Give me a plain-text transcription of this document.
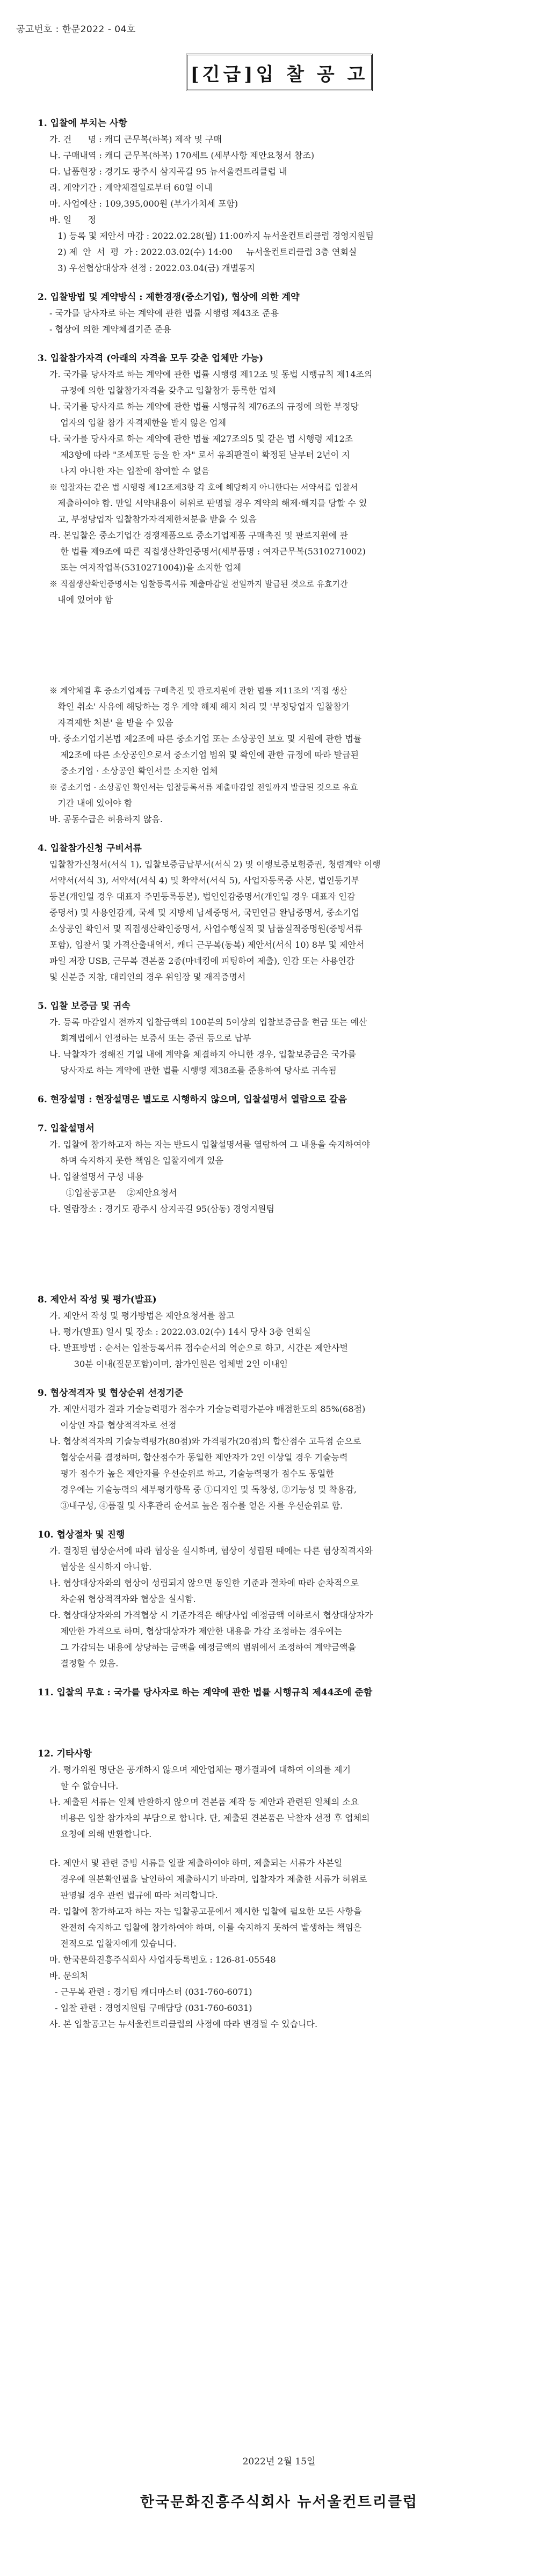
공고번호 : 한문2022 - 04호
[긴급]입 찰 공 고
1. 입찰에 부치는 사항
가. 건      명 : 캐디 근무복(하복) 제작 및 구매
나. 구매내역 : 캐디 근무복(하복) 170세트 (세부사항 제안요청서 참조)
다. 납품현장 : 경기도 광주시 삼지곡길 95 뉴서울컨트리클럽 내
라. 계약기간 : 계약체결일로부터 60일 이내
마. 사업예산 : 109,395,000원 (부가가치세 포함)
바. 일      정
1) 등록 및 제안서 마감 : 2022.02.28(월) 11:00까지 뉴서울컨트리클럽 경영지원팀
2) 제  안  서  평  가 : 2022.03.02(수) 14:00     뉴서울컨트리클럽 3층 연회실
3) 우선협상대상자 선정 : 2022.03.04(금) 개별통지
2. 입찰방법 및 계약방식 : 제한경쟁(중소기업), 협상에 의한 계약
- 국가를 당사자로 하는 계약에 관한 법률 시행령 제43조 준용
- 협상에 의한 계약체결기준 준용
3. 입찰참가자격 (아래의 자격을 모두 갖춘 업체만 가능)
가. 국가를 당사자로 하는 계약에 관한 법률 시행령 제12조 및 동법 시행규칙 제14조의
규정에 의한 입찰참가자격을 갖추고 입찰참가 등록한 업체
나. 국가를 당사자로 하는 계약에 관한 법률 시행규칙 제76조의 규정에 의한 부정당
업자의 입찰 참가 자격제한을 받지 않은 업체
다. 국가를 당사자로 하는 계약에 관한 법률 제27조의5 및 같은 법 시행령 제12조
제3항에 따라 "조세포탈 등을 한 자" 로서 유죄판결이 확정된 날부터 2년이 지
나지 아니한 자는 입찰에 참여할 수 없음
※ 입찰자는 같은 법 시행령 제12조제3항 각 호에 해당하지 아니한다는 서약서를 입찰서
제출하여야 함. 만일 서약내용이 허위로 판명될 경우 계약의 해제·해지를 당할 수 있
고, 부정당업자 입찰참가자격제한처분을 받을 수 있음
라. 본입찰은 중소기업간 경쟁제품으로 중소기업제품 구매촉진 및 판로지원에 관
한 법률 제9조에 따른 직접생산확인증명서(세부품명 : 여자근무복(5310271002)
또는 여자작업복(5310271004))을 소지한 업체
※ 직접생산확인증명서는 입찰등록서류 제출마감일 전일까지 발급된 것으로 유효기간
내에 있어야 함
※ 계약체결 후 중소기업제품 구매촉진 및 판로지원에 관한 법률 제11조의 '직접 생산
확인 취소' 사유에 해당하는 경우 계약 해제 해지 처리 및 '부정당업자 입찰참가
자격제한 처분' 을 받을 수 있음
마. 중소기업기본법 제2조에 따른 중소기업 또는 소상공인 보호 및 지원에 관한 법률
제2조에 따른 소상공인으로서 중소기업 범위 및 확인에 관한 규정에 따라 발급된
중소기업 · 소상공인 확인서를 소지한 업체
※ 중소기업 · 소상공인 확인서는 입찰등록서류 제출마감일 전일까지 발급된 것으로 유효
기간 내에 있어야 함
바. 공동수급은 허용하지 않음.
4. 입찰참가신청 구비서류
입찰참가신청서(서식 1), 입찰보증금납부서(서식 2) 및 이행보증보험증권, 청렴계약 이행
서약서(서식 3), 서약서(서식 4) 및 확약서(서식 5), 사업자등록증 사본, 법인등기부
등본(개인일 경우 대표자 주민등록등본), 법인인감증명서(개인일 경우 대표자 인감
증명서) 및 사용인감계, 국세 및 지방세 납세증명서, 국민연금 완납증명서, 중소기업
소상공인 확인서 및 직접생산확인증명서, 사업수행실적 및 납품실적증명원(증빙서류
포함), 입찰서 및 가격산출내역서, 캐디 근무복(동복) 제안서(서식 10) 8부 및 제안서
파일 저장 USB, 근무복 견본품 2종(마네킹에 피팅하여 제출), 인감 또는 사용인감
및 신분증 지참, 대리인의 경우 위임장 및 재직증명서
5. 입찰 보증금 및 귀속
가. 등록 마감일시 전까지 입찰금액의 100분의 5이상의 입찰보증금을 현금 또는 예산
회계법에서 인정하는 보증서 또는 증권 등으로 납부
나. 낙찰자가 정해진 기일 내에 계약을 체결하지 아니한 경우, 입찰보증금은 국가를
당사자로 하는 계약에 관한 법률 시행령 제38조를 준용하여 당사로 귀속됨
6. 현장설명 : 현장설명은 별도로 시행하지 않으며, 입찰설명서 열람으로 갈음
7. 입찰설명서
가. 입찰에 참가하고자 하는 자는 반드시 입찰설명서를 열람하여 그 내용을 숙지하여야
하며 숙지하지 못한 책임은 입찰자에게 있음
나. 입찰설명서 구성 내용
①입찰공고문    ②제안요청서
다. 열람장소 : 경기도 광주시 삼지곡길 95(삼동) 경영지원팀
8. 제안서 작성 및 평가(발표)
가. 제안서 작성 및 평가방법은 제안요청서를 참고
나. 평가(발표) 일시 및 장소 : 2022.03.02(수) 14시 당사 3층 연회실
다. 발표방법 : 순서는 입찰등록서류 접수순서의 역순으로 하고, 시간은 제안사별
30분 이내(질문포함)이며, 참가인원은 업체별 2인 이내임
9. 협상적격자 및 협상순위 선정기준
가. 제안서평가 결과 기술능력평가 점수가 기술능력평가분야 배점한도의 85%(68점)
이상인 자를 협상적격자로 선정
나. 협상적격자의 기술능력평가(80점)와 가격평가(20점)의 합산점수 고득점 순으로
협상순서를 결정하며, 합산점수가 동일한 제안자가 2인 이상일 경우 기술능력
평가 점수가 높은 제안자를 우선순위로 하고, 기술능력평가 점수도 동일한
경우에는 기술능력의 세부평가항목 중 ①디자인 및 독창성, ②기능성 및 착용감,
③내구성, ④품질 및 사후관리 순서로 높은 점수를 얻은 자를 우선순위로 함.
10. 협상절차 및 진행
가. 결정된 협상순서에 따라 협상을 실시하며, 협상이 성립된 때에는 다른 협상적격자와
협상을 실시하지 아니함.
나. 협상대상자와의 협상이 성립되지 않으면 동일한 기준과 절차에 따라 순차적으로
차순위 협상적격자와 협상을 실시함.
다. 협상대상자와의 가격협상 시 기준가격은 해당사업 예정금액 이하로서 협상대상자가
제안한 가격으로 하며, 협상대상자가 제안한 내용을 가감 조정하는 경우에는
그 가감되는 내용에 상당하는 금액을 예정금액의 범위에서 조정하여 계약금액을
결정할 수 있음.
11. 입찰의 무효 : 국가를 당사자로 하는 계약에 관한 법률 시행규칙 제44조에 준함
12. 기타사항
가. 평가위원 명단은 공개하지 않으며 제안업체는 평가결과에 대하여 이의를 제기
할 수 없습니다.
나. 제출된 서류는 일체 반환하지 않으며 견본품 제작 등 제안과 관련된 일체의 소요
비용은 입찰 참가자의 부담으로 합니다. 단, 제출된 견본품은 낙찰자 선정 후 업체의
요청에 의해 반환합니다.
다. 제안서 및 관련 증빙 서류를 일괄 제출하여야 하며, 제출되는 서류가 사본일
경우에 원본확인필을 날인하여 제출하시기 바라며, 입찰자가 제출한 서류가 허위로
판명될 경우 관련 법규에 따라 처리합니다.
라. 입찰에 참가하고자 하는 자는 입찰공고문에서 제시한 입찰에 필요한 모든 사항을
완전히 숙지하고 입찰에 참가하여야 하며, 이를 숙지하지 못하여 발생하는 책임은
전적으로 입찰자에게 있습니다.
마. 한국문화진흥주식회사 사업자등록번호 : 126-81-05548
바. 문의처
- 근무복 관련 : 경기팀 캐디마스터 (031-760-6071)
- 입찰 관련 : 경영지원팀 구매담당 (031-760-6031)
사. 본 입찰공고는 뉴서울컨트리클럽의 사정에 따라 변경될 수 있습니다.
2022년 2월 15일
한국문화진흥주식회사 뉴서울컨트리클럽
